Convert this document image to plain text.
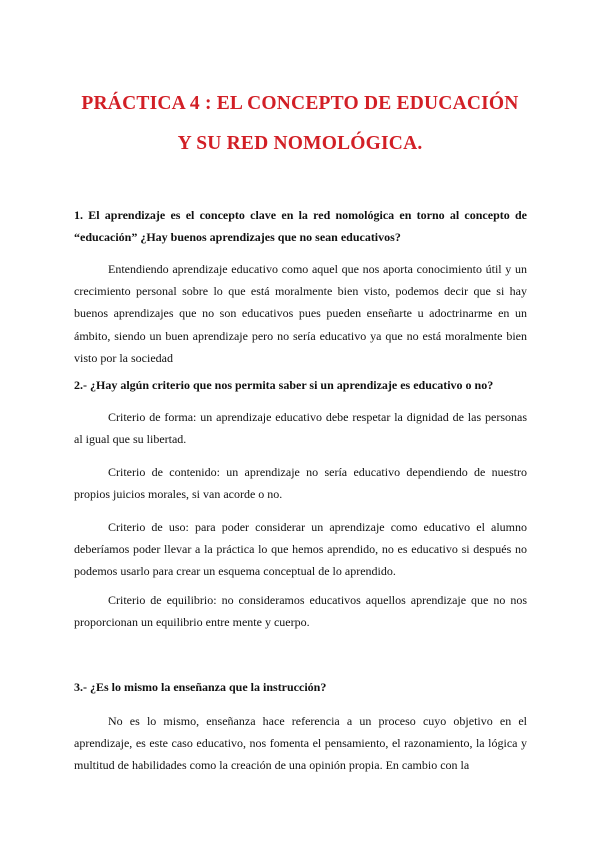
PRÁCTICA 4 : EL CONCEPTO DE EDUCACIÓN
Y SU RED NOMOLÓGICA.

1. El aprendizaje es el concepto clave en la red nomológica en torno al concepto de “educación” ¿Hay buenos aprendizajes que no sean educativos?

Entendiendo aprendizaje educativo como aquel que nos aporta conocimiento útil y un crecimiento personal sobre lo que está moralmente bien visto, podemos decir que si hay buenos aprendizajes que no son educativos pues pueden enseñarte u adoctrinarme en un ámbito, siendo un buen aprendizaje pero no sería educativo ya que no está moralmente bien visto por la sociedad

2.- ¿Hay algún criterio que nos permita saber si un aprendizaje es educativo o no?

Criterio de forma: un aprendizaje educativo debe respetar la dignidad de las personas al igual que su libertad.

Criterio de contenido: un aprendizaje no sería educativo dependiendo de nuestro propios juicios morales, si van acorde o no.

Criterio de uso: para poder considerar un aprendizaje como educativo el alumno deberíamos poder llevar a la práctica lo que hemos aprendido, no es educativo si después no podemos usarlo para crear un esquema conceptual de lo aprendido.

Criterio de equilibrio: no consideramos educativos aquellos aprendizaje que no nos proporcionan un equilibrio entre mente y cuerpo.

3.- ¿Es lo mismo la enseñanza que la instrucción?

No es lo mismo, enseñanza hace referencia a un proceso cuyo objetivo en el aprendizaje, es este caso educativo, nos fomenta el pensamiento, el razonamiento, la lógica y multitud de habilidades como la creación de una opinión propia. En cambio con la
